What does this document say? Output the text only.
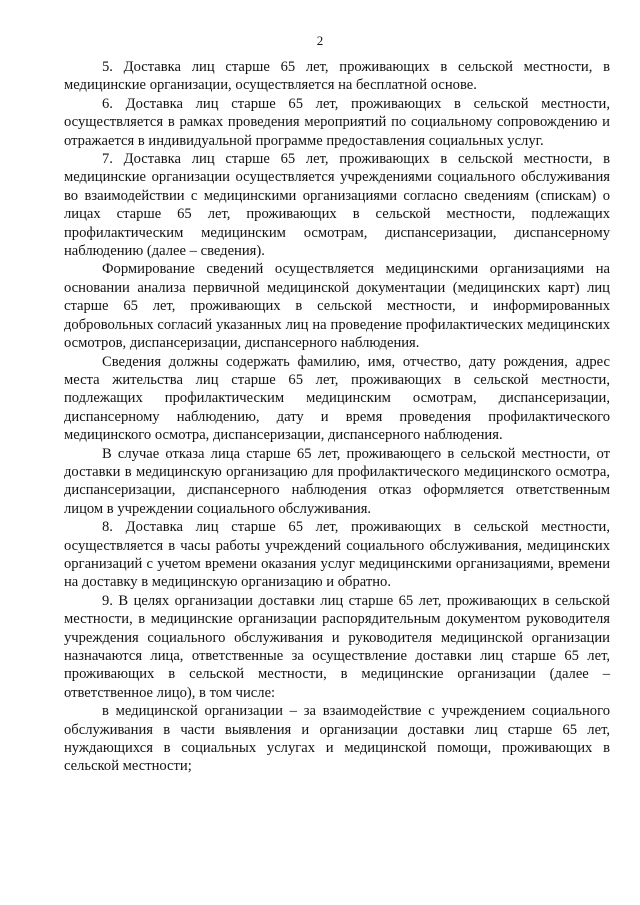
2

5. Доставка лиц старше 65 лет, проживающих в сельской местности, в медицинские организации, осуществляется на бесплатной основе.

6. Доставка лиц старше 65 лет, проживающих в сельской местности, осуществляется в рамках проведения мероприятий по социальному сопровождению и отражается в индивидуальной программе предоставления социальных услуг.

7. Доставка лиц старше 65 лет, проживающих в сельской местности, в медицинские организации осуществляется учреждениями социального обслуживания во взаимодействии с медицинскими организациями согласно сведениям (спискам) о лицах старше 65 лет, проживающих в сельской местности, подлежащих профилактическим медицинским осмотрам, диспансеризации, диспансерному наблюдению (далее – сведения).

Формирование сведений осуществляется медицинскими организациями на основании анализа первичной медицинской документации (медицинских карт) лиц старше 65 лет, проживающих в сельской местности, и информированных добровольных согласий указанных лиц на проведение профилактических медицинских осмотров, диспансеризации, диспансерного наблюдения.

Сведения должны содержать фамилию, имя, отчество, дату рождения, адрес места жительства лиц старше 65 лет, проживающих в сельской местности, подлежащих профилактическим медицинским осмотрам, диспансеризации, диспансерному наблюдению, дату и время проведения профилактического медицинского осмотра, диспансеризации, диспансерного наблюдения.

В случае отказа лица старше 65 лет, проживающего в сельской местности, от доставки в медицинскую организацию для профилактического медицинского осмотра, диспансеризации, диспансерного наблюдения отказ оформляется ответственным лицом в учреждении социального обслуживания.

8. Доставка лиц старше 65 лет, проживающих в сельской местности, осуществляется в часы работы учреждений социального обслуживания, медицинских организаций с учетом времени оказания услуг медицинскими организациями, времени на доставку в медицинскую организацию и обратно.

9. В целях организации доставки лиц старше 65 лет, проживающих в сельской местности, в медицинские организации распорядительным документом руководителя учреждения социального обслуживания и руководителя медицинской организации назначаются лица, ответственные за осуществление доставки лиц старше 65 лет, проживающих в сельской местности, в медицинские организации (далее – ответственное лицо), в том числе:

в медицинской организации – за взаимодействие с учреждением социального обслуживания в части выявления и организации доставки лиц старше 65 лет, нуждающихся в социальных услугах и медицинской помощи, проживающих в сельской местности;
